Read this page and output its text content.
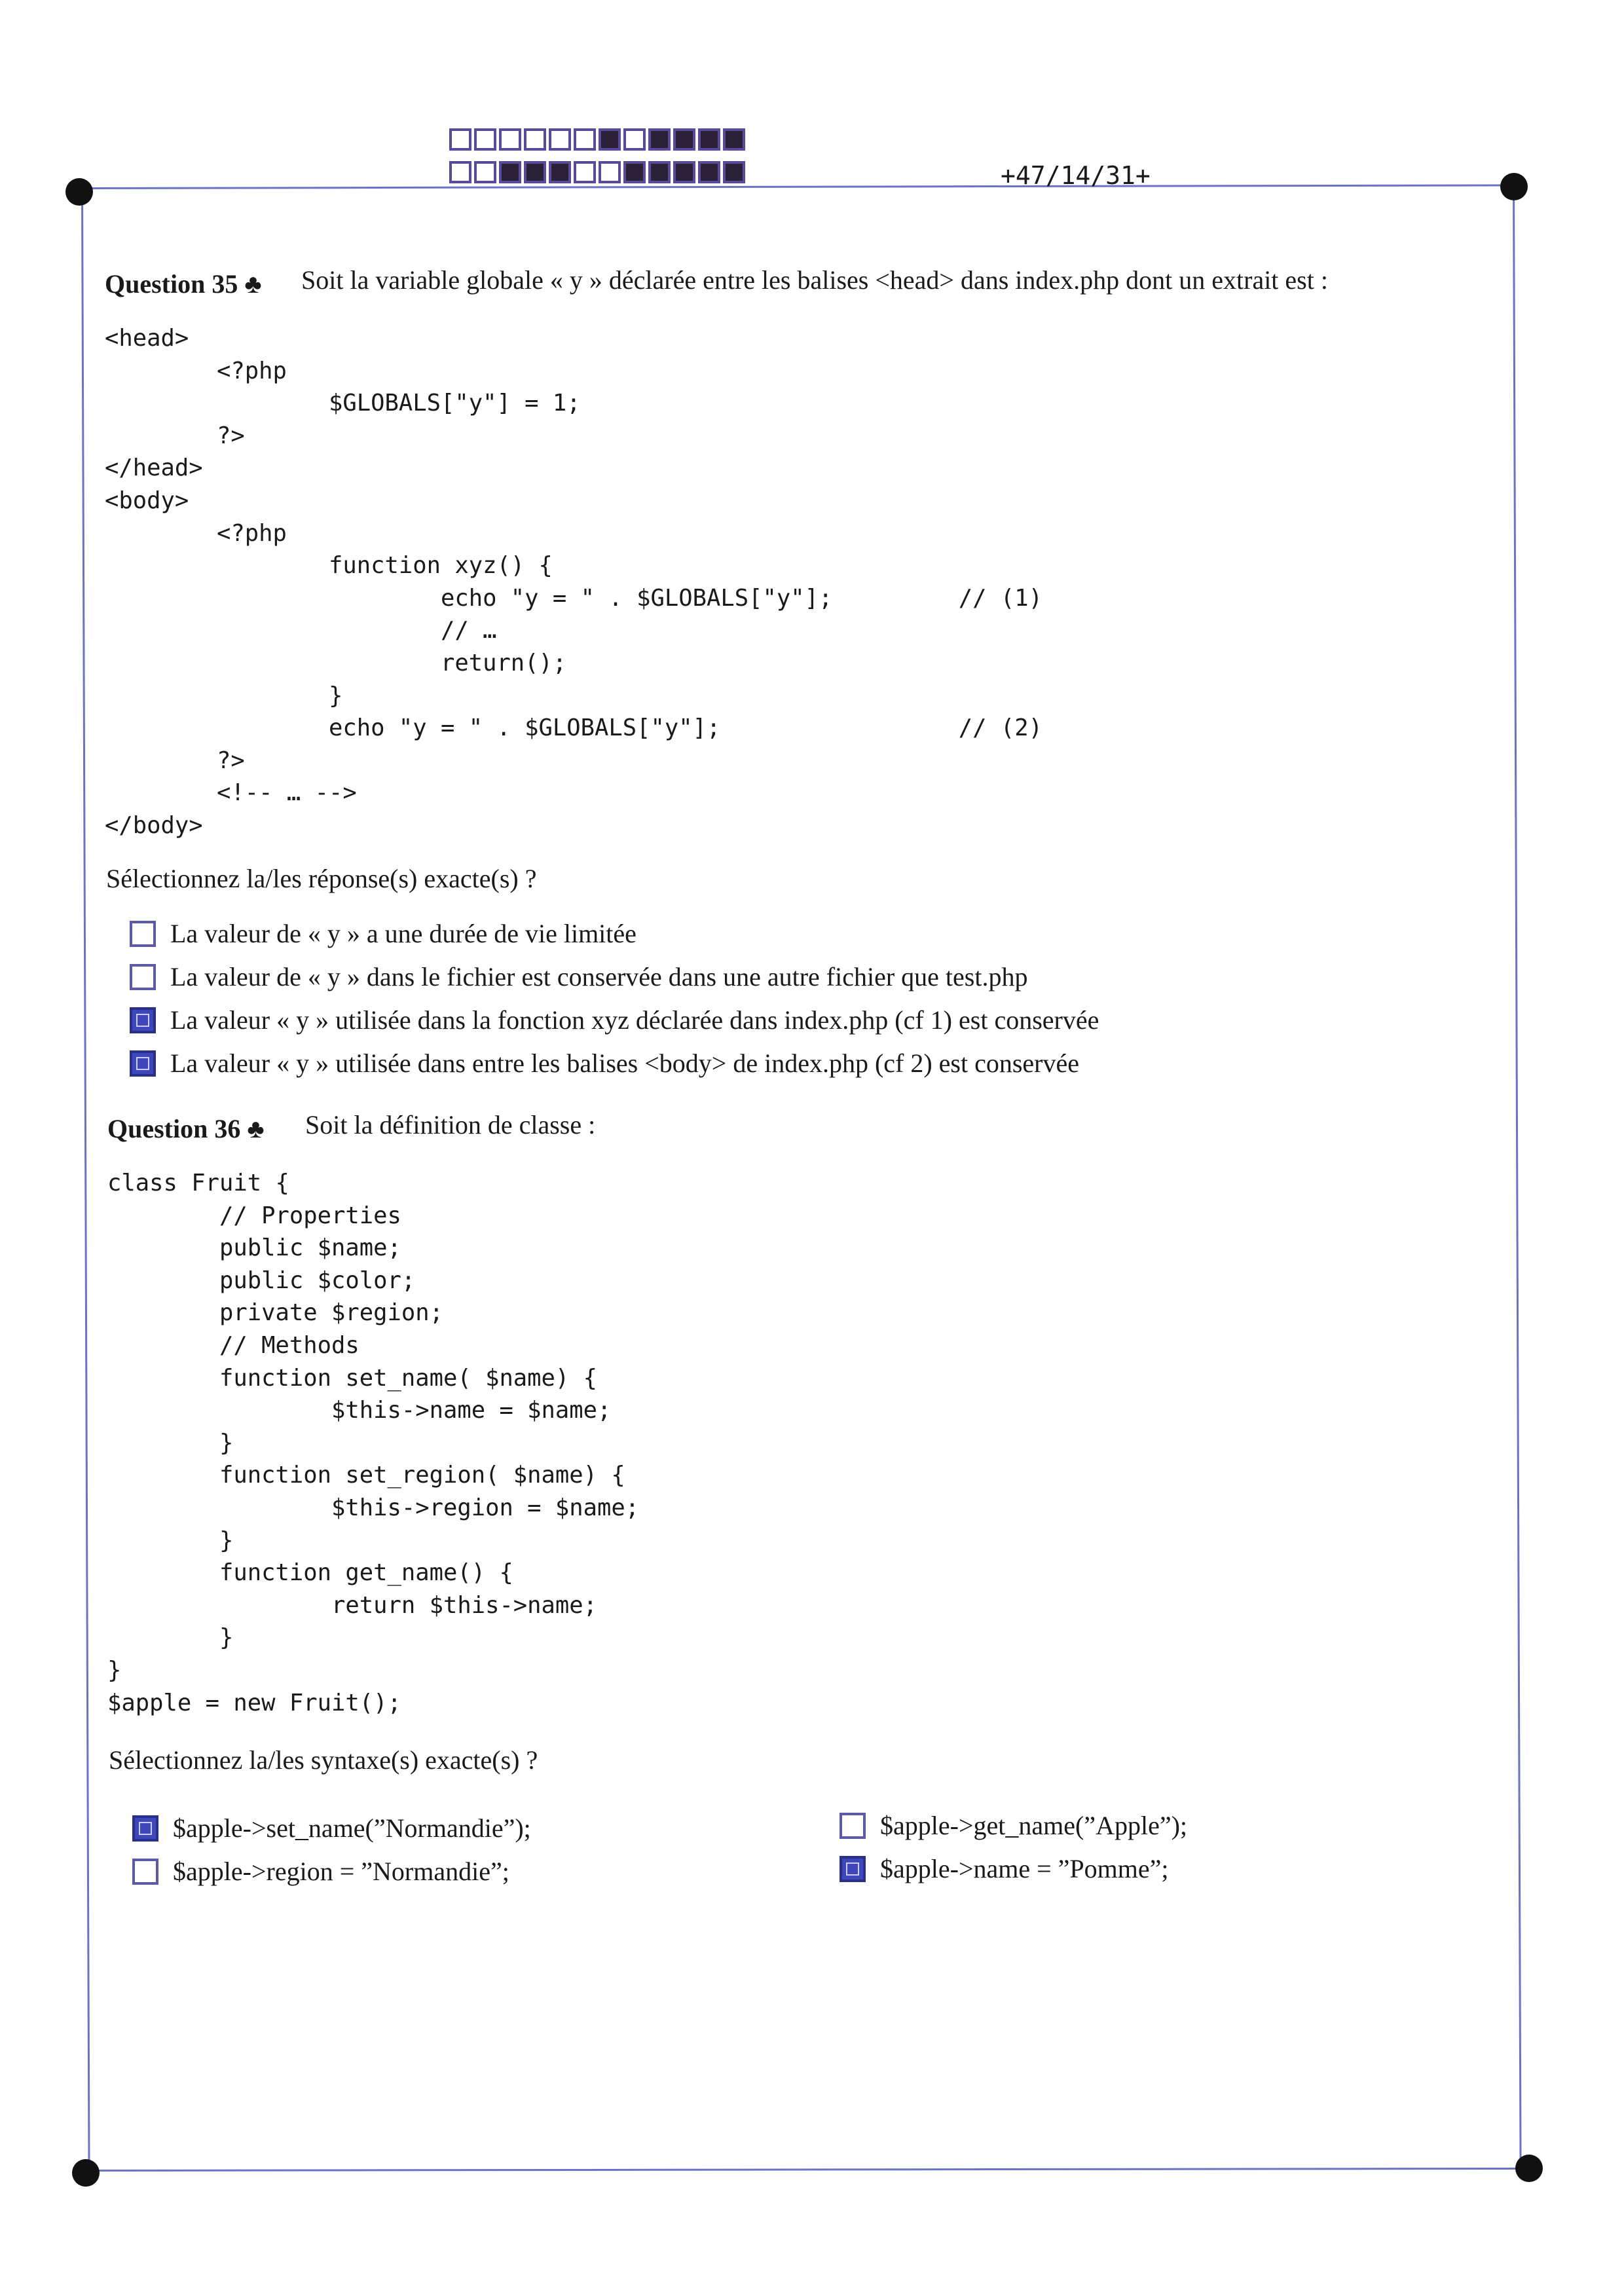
+47/14/31+
Question 35 ♣ Soit la variable globale « y » déclarée entre les balises <head> dans index.php dont un extrait est :
<head>
<?php
$GLOBALS["y"] = 1;
?>
</head>
<body>
<?php
function xyz() {
echo "y = " . $GLOBALS["y"];         // (1)
// …
return();
}
echo "y = " . $GLOBALS["y"];                 // (2)
?>
<!-- … -->
</body>
Sélectionnez la/les réponse(s) exacte(s) ?
La valeur de « y » a une durée de vie limitée
La valeur de « y » dans le fichier est conservée dans une autre fichier que test.php
La valeur « y » utilisée dans la fonction xyz déclarée dans index.php (cf 1) est conservée
La valeur « y » utilisée dans entre les balises <body> de index.php (cf 2) est conservée
Question 36 ♣ Soit la définition de classe :
class Fruit {
// Properties
public $name;
public $color;
private $region;
// Methods
function set_name( $name) {
$this->name = $name;
}
function set_region( $name) {
$this->region = $name;
}
function get_name() {
return $this->name;
}
}
$apple = new Fruit();
Sélectionnez la/les syntaxe(s) exacte(s) ?
$apple->set_name(”Normandie”);
$apple->region = ”Normandie”;
$apple->get_name(”Apple”);
$apple->name = ”Pomme”;
